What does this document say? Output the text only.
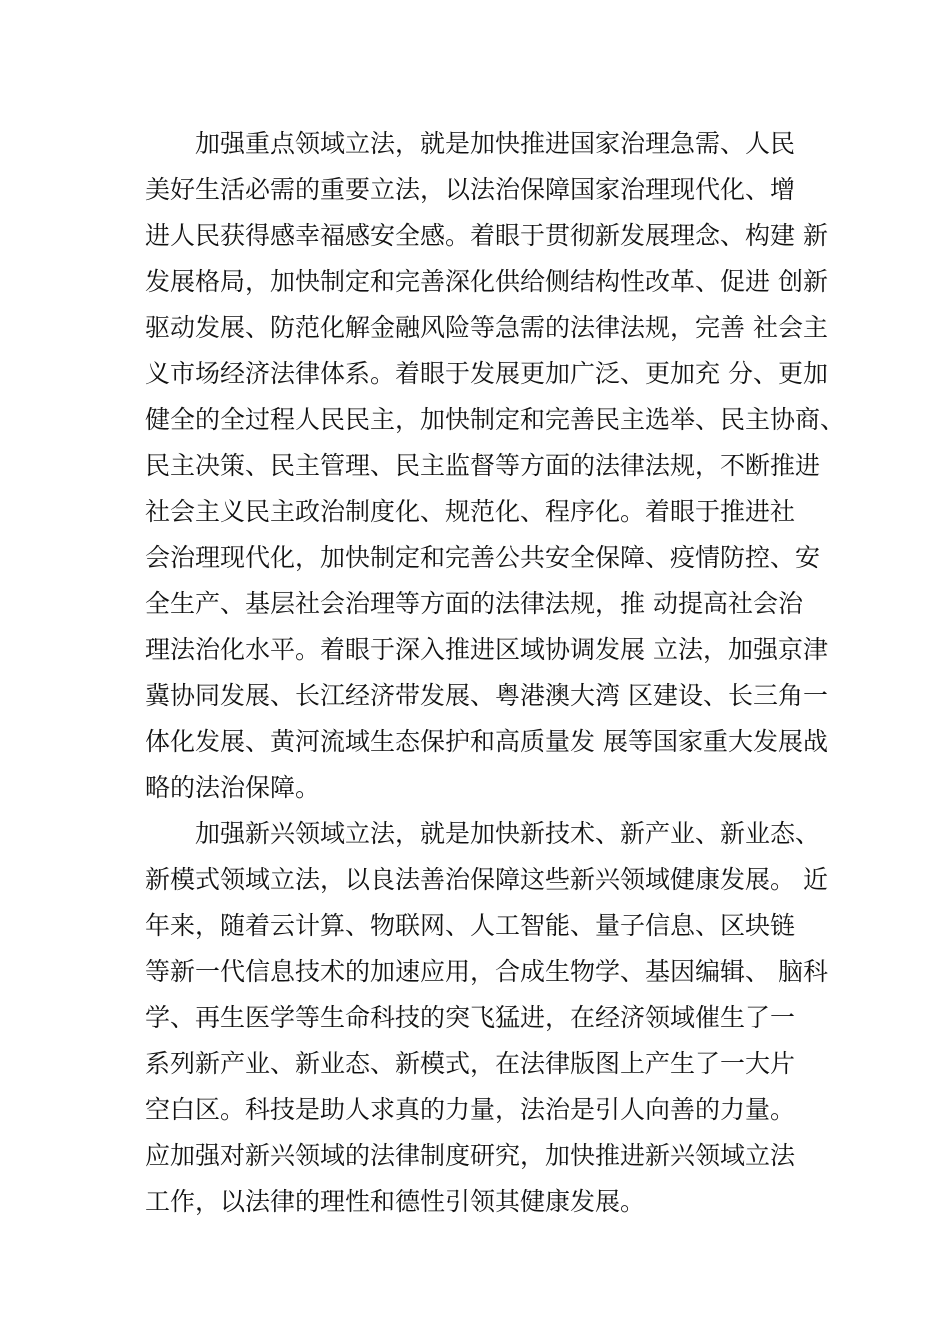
加强重点领域立法，就是加快推进国家治理急需、人民
美好生活必需的重要立法，以法治保障国家治理现代化、增
进人民获得感幸福感安全感。着眼于贯彻新发展理念、构建 新
发展格局，加快制定和完善深化供给侧结构性改革、促进 创新
驱动发展、防范化解金融风险等急需的法律法规，完善 社会主
义市场经济法律体系。着眼于发展更加广泛、更加充 分、更加
健全的全过程人民民主，加快制定和完善民主选举、民主协商、
民主决策、民主管理、民主监督等方面的法律法规，不断推进
社会主义民主政治制度化、规范化、程序化。着眼于推进社
会治理现代化，加快制定和完善公共安全保障、疫情防控、安
全生产、基层社会治理等方面的法律法规，推 动提高社会治
理法治化水平。着眼于深入推进区域协调发展 立法，加强京津
冀协同发展、长江经济带发展、粤港澳大湾 区建设、长三角一
体化发展、黄河流域生态保护和高质量发 展等国家重大发展战
略的法治保障。
加强新兴领域立法，就是加快新技术、新产业、新业态、
新模式领域立法，以良法善治保障这些新兴领域健康发展。 近
年来，随着云计算、物联网、人工智能、量子信息、区块链
等新一代信息技术的加速应用，合成生物学、基因编辑、 脑科
学、再生医学等生命科技的突飞猛进，在经济领域催生了一
系列新产业、新业态、新模式，在法律版图上产生了一大片
空白区。科技是助人求真的力量，法治是引人向善的力量。
应加强对新兴领域的法律制度研究，加快推进新兴领域立法
工作，以法律的理性和德性引领其健康发展。
